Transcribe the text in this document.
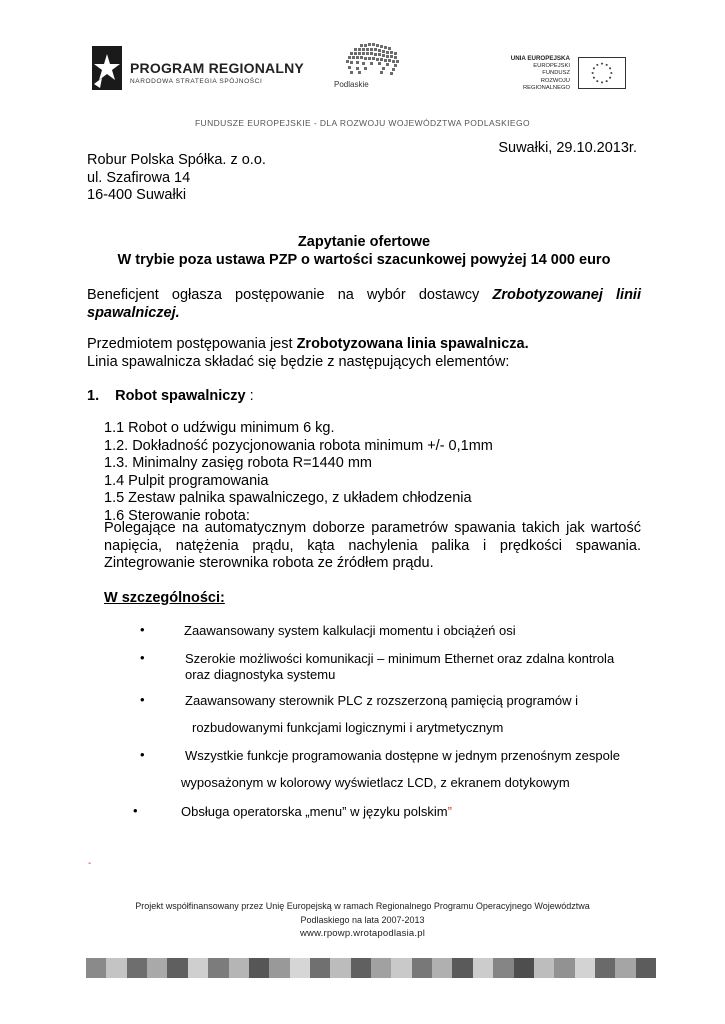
PROGRAM REGIONALNY
NARODOWA STRATEGIA SPÓJNOŚCI	Podlaskie
UNIA EUROPEJSKA
EUROPEJSKI FUNDUSZ
ROZWOJU REGIONALNEGO
FUNDUSZE EUROPEJSKIE - DLA ROZWOJU WOJEWÓDZTWA PODLASKIEGO
Suwałki, 29.10.2013r.
Robur Polska Spółka. z o.o.
ul. Szafirowa 14
16-400 Suwałki
Zapytanie ofertowe
W trybie poza ustawa PZP o wartości szacunkowej powyżej 14 000 euro
Beneficjent ogłasza postępowanie na wybór dostawcy Zrobotyzowanej linii spawalniczej.
Przedmiotem postępowania jest Zrobotyzowana linia spawalnicza.
Linia spawalnicza składać się będzie z następujących elementów:
1. Robot spawalniczy :
1.1 Robot o udźwigu minimum 6 kg.
1.2. Dokładność pozycjonowania robota minimum +/- 0,1mm
1.3. Minimalny zasięg robota R=1440 mm
1.4 Pulpit programowania
1.5 Zestaw palnika spawalniczego, z układem chłodzenia
1.6 Sterowanie robota:
Polegające na automatycznym doborze parametrów spawania takich jak wartość napięcia, natężenia prądu, kąta nachylenia palika i prędkości spawania. Zintegrowanie sterownika robota ze źródłem prądu.
W szczególności:
•	Zaawansowany system kalkulacji momentu i obciążeń osi
•	Szerokie możliwości komunikacji – minimum Ethernet oraz zdalna kontrola
oraz diagnostyka systemu
•	Zaawansowany sterownik PLC z rozszerzoną pamięcią programów i
rozbudowanymi funkcjami logicznymi i arytmetycznym
•	Wszystkie funkcje programowania dostępne w jednym przenośnym zespole
wyposażonym w kolorowy wyświetlacz LCD, z ekranem dotykowym
•	Obsługa operatorska „menu” w języku polskim”
-
Projekt współfinansowany przez Unię Europejską w ramach Regionalnego Programu Operacyjnego Województwa
Podlaskiego na lata 2007-2013
www.rpowp.wrotapodlasia.pl
